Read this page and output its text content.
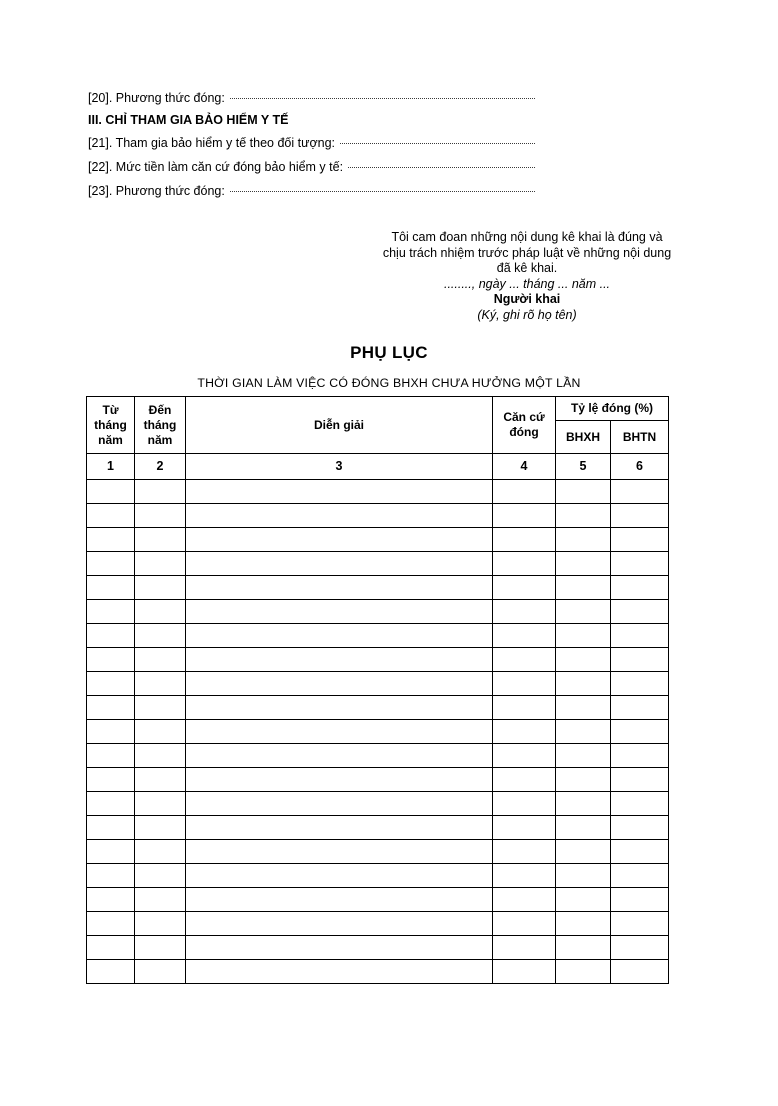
[20]. Phương thức đóng:
III. CHỈ THAM GIA BẢO HIỂM Y TẾ
[21]. Tham gia bảo hiểm y tế theo đối tượng:
[22]. Mức tiền làm căn cứ đóng bảo hiểm y tế:
[23]. Phương thức đóng:
Tôi cam đoan những nội dung kê khai là đúng và
chịu trách nhiệm trước pháp luật về những nội dung
đã kê khai.
........, ngày ... tháng ... năm ...
Người khai
(Ký, ghi rõ họ tên)
PHỤ LỤC
THỜI GIAN LÀM VIỆC CÓ ĐÓNG BHXH CHƯA HƯỞNG MỘT LẦN
Từ tháng năm	Đến tháng năm	Diễn giải	Căn cứ đóng	Tỷ lệ đóng (%)	
				BHXH	BHTN
1	2	3	4	5	6
